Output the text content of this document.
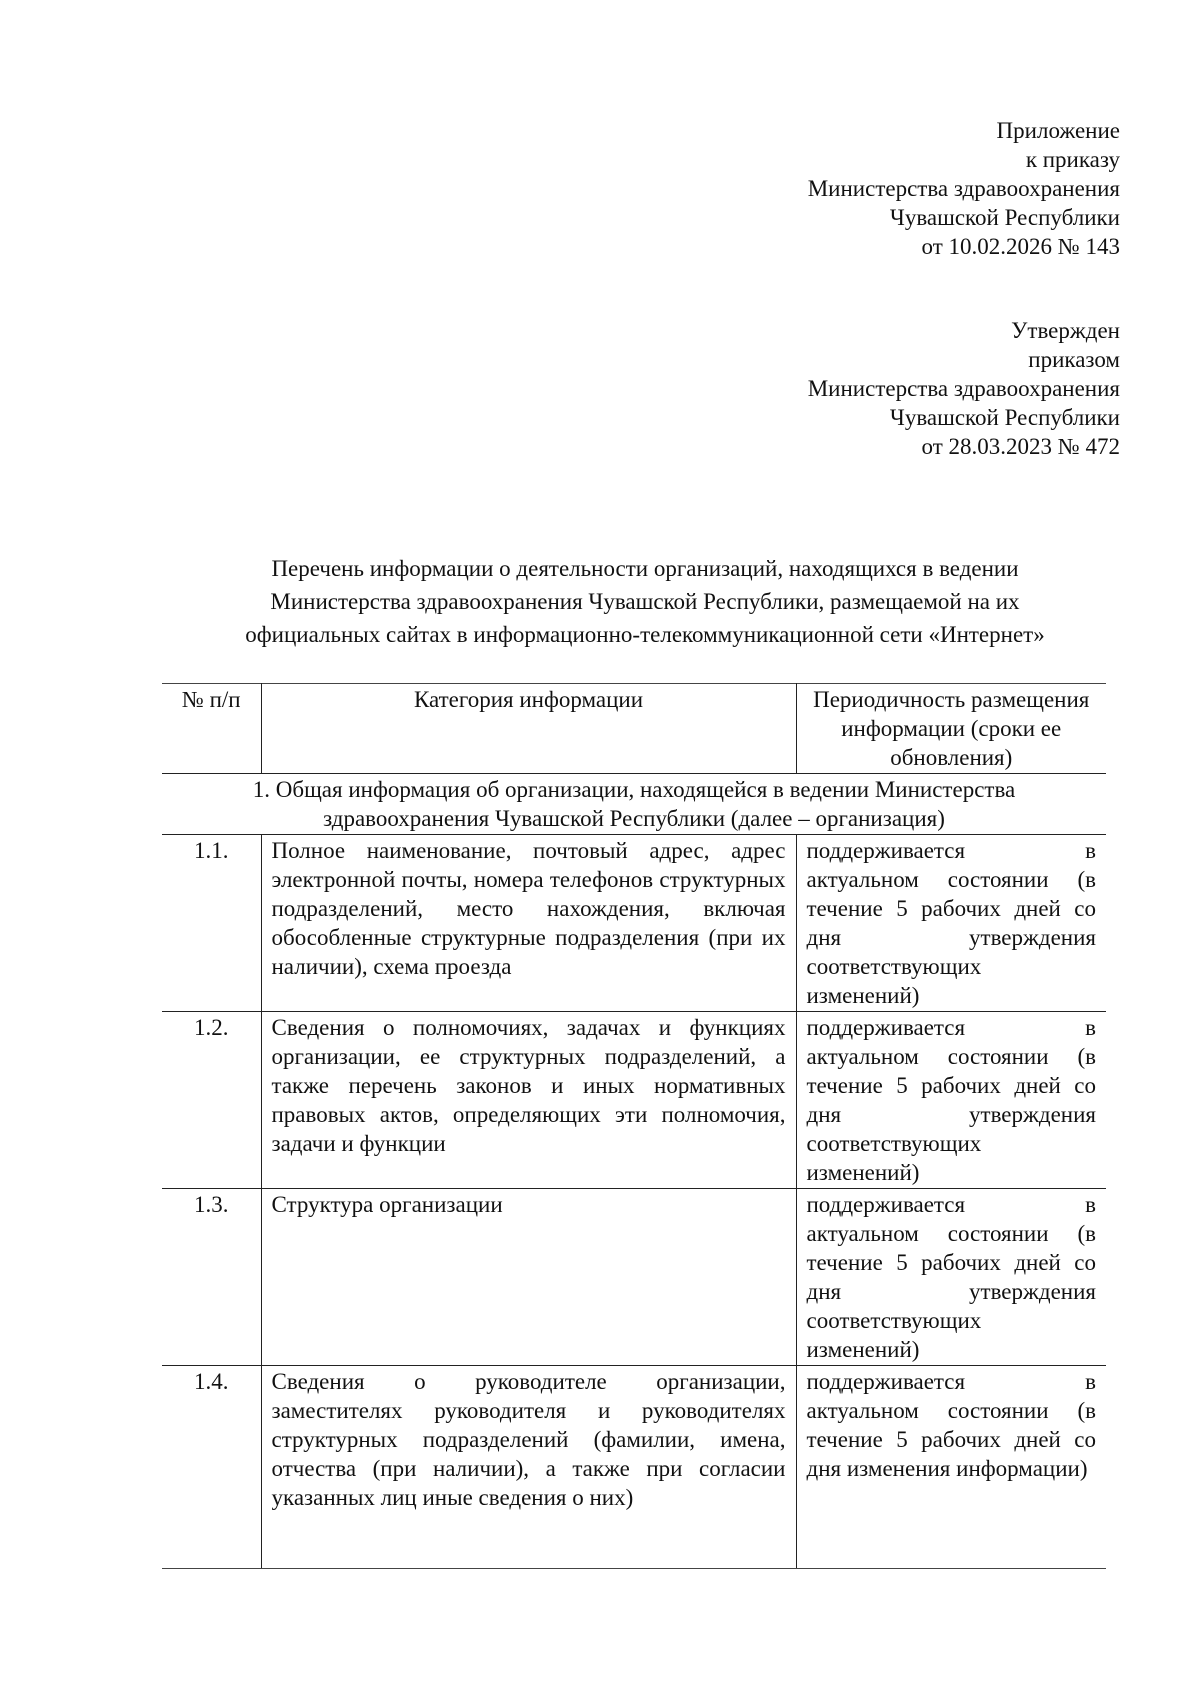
Приложение
к приказу
Министерства здравоохранения
Чувашской Республики
от 10.02.2026 № 143
Утвержден
приказом
Министерства здравоохранения
Чувашской Республики
от 28.03.2023 № 472
Перечень информации о деятельности организаций, находящихся в ведении
Министерства здравоохранения Чувашской Республики, размещаемой на их
официальных сайтах в информационно-телекоммуникационной сети «Интернет»
№ п/п	Категория информации	Периодичность размещения информации (сроки ее обновления)
1. Общая информация об организации, находящейся в ведении Министерства здравоохранения Чувашской Республики (далее – организация)		
1.1.	Полное наименование, почтовый адрес, адрес электронной почты, номера телефонов структурных подразделений, место нахождения, включая обособленные структурные подразделения (при их наличии), схема проезда	поддерживается в актуальном состоянии (в течение 5 рабочих дней со дня утверждения соответствующих изменений)
1.2.	Сведения о полномочиях, задачах и функциях организации, ее структурных подразделений, а также перечень законов и иных нормативных правовых актов, определяющих эти полномочия, задачи и функции	поддерживается в актуальном состоянии (в течение 5 рабочих дней со дня утверждения соответствующих изменений)
1.3.	Структура организации	поддерживается в актуальном состоянии (в течение 5 рабочих дней со дня утверждения соответствующих изменений)
1.4.	Сведения о руководителе организации, заместителях руководителя и руководителях структурных подразделений (фамилии, имена, отчества (при наличии), а также при согласии указанных лиц иные сведения о них)	поддерживается в актуальном состоянии (в течение 5 рабочих дней со дня изменения информации)
